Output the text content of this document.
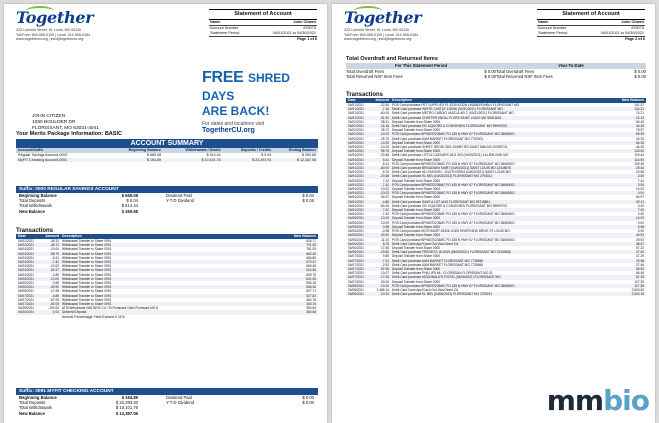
Together
423 Lucerne Street, St. Louis, MO 63116
Toll Free: 800-555-0100 | Local: 314-555-0184
www.togethercu.org | info@togethercu.org
Statement of Account
Name	John Citizen
Account Number	876075
Statement Period	04/01/2021 to 04/30/2021
Page 1 of 6
FREE SHRED DAYS
ARE BACK!
For dates and locations visit
TogetherCU.org
JOHN CITIZEN
1080 BOULDER DR
FLORISSANT, MO 63031-4041
Your Merits Package Information: BASIC
ACCOUNT SUMMARY
Account/Suffix	Beginning Balance	Withdrawals / Debits	Deposits / Credits	Ending Balance
Regular Savings Account-0000	$ 665.08	$ 514.44	$ 0.04	$ 350.68
MyFIT Checking Account-0091	$ 164.89	$ 10,101.76	$ 22,293.93	$ 12,387.06
Suffix: 0000 REGULAR SAVINGS ACCOUNT
Beginning Balance	$ 665.08	Dividend Paid	$ 0.04
Total Deposits	$ 0.04	Y-T-D Dividend	$ 0.06
Total Withdrawals	$ 514.44
New Balance	$ 350.68
Transactions
Date	Amount Description	New Balance
04/02/2021	-38.31 Withdrawal Transfer to Share 0091	626.77
04/02/2021	-35.72 Withdrawal Transfer to Share 0091	791.05
04/04/2021	-10.00 Withdrawal Transfer to Share 0091	781.05
04/04/2021	-98.75 Withdrawal Transfer to Share 0091	682.30
04/04/2021	-5.41 Withdrawal Transfer to Share 0091	686.89
04/04/2021	-7.42 Withdrawal Transfer to Share 0091	679.47
04/04/2021	-10.02 Withdrawal Transfer to Share 0091	669.45
04/04/2021	-54.97 Withdrawal Transfer to Share 0091	614.56
04/04/2021	-4.80 Withdrawal Transfer to Share 0091	609.76
04/05/2021	-10.00 Withdrawal Transfer to Share 0091	601.05
04/05/2021	-0.96 Withdrawal Transfer to Share 0091	596.18
04/06/2021	-40.92 Withdrawal Transfer to Share 0091	556.26
04/06/2021	-17.65 Withdrawal Transfer to Share 0091	527.71
04/07/2021	-0.89 Withdrawal Transfer to Share 0091	527.82
04/07/2021	-67.06 Withdrawal Transfer to Share 0091	460.76
04/07/2021	-60.00 Withdrawal Transfer to Share 0091	400.76
04/28/2021	-100.00 ATM Withdrawal VANTAGE CU 7th Florissant Oaks Florissant MO 8	350.64
04/30/2021	0.04 Dividend Deposit	350.68
Annual Percentage Yield Earned 0.11%
Suffix: 0091 MYFIT CHECKING ACCOUNT
Beginning Balance	$ 164.89	Dividend Paid	$ 0.00
Total Deposits	$ 22,293.93	Y-T-D Dividend	$ 0.00
Total Withdrawals	$ 10,101.76
New Balance	$ 12,387.06
Together
423 Lucerne Street, St. Louis, MO 63116
Toll Free: 800-555-0100 | Local: 314-555-0184
www.togethercu.org | info@togethercu.org
Statement of Account
Name	John Citizen
Account Number	876075
Statement Period	04/01/2021 to 04/30/2021
Page 2 of 6
Total Overdraft and Returned Items
For This Statement Period	Year-To-Date
Total Overdraft Fees	$ 0.00 Total Overdraft Fees	$ 0.00
Total Returned NSF Item Fees	$ 0.00 Total Returned NSF Item Fees	$ 0.00
Transactions
Date	Amount Description	New Balance
04/01/2021	-22.84 POS Card purchase PET SUPPLIES PL 8230 8232N LINDBERGHBLV FLORISSANT MO	141.37
04/01/2021	-7.16 Debit Card purchase WHITE CASTLE 110036 (03/31/2021) FLORISSANT MO	134.21
04/01/2021	-60.00 Debit Card purchase METRO CARDIO VASCULAR C (03/31/2021) FLORISSANT MO	74.21
04/02/2021	-51.92 Debit Card purchase CHATTER KNOLL FLORS SAINT LOUIS MO 95201601	22.12
04/02/2021	38.31 Deposit Transfer from Share 0000	60.43
04/02/2021	-16.18 Debit Card purchase DG LIQUORS & CONVENIEN FLORISSANT MO 99993703	44.25
04/02/2021	35.72 Deposit Transfer from Share 0000	79.97
04/02/2021	-10.02 POS Card purchase BPH8370236MC PO 425 N HWY 67 FLORISSANT MO 36660001	69.95
04/02/2021	-25.70 Debit Card purchase A&M MARKET FLORISSANT MO 7700001	44.25
04/02/2021	10.00 Deposit Transfer from Share 0000	54.25
04/04/2021	-10.00 Debit Card purchase SHEEY DROW 3161 ASHBY RD SAINT ANN MO 00093741	44.25
04/04/2021	98.75 Deposit Transfer from Share 0000	143.00
04/04/2021	-23.56 Debit Card purchase LITTLE CAESARS 1611 300 (04/03/2021) 314-809-0000 MO	119.44
04/04/2021	5.41 Deposit Transfer from Share 0000	114.90
04/04/2021	-5.41 POS Card purchase BPH8370236MC PO 425 N HWY 67 FLORISSANT MO 36660001	109.49
04/04/2021	-80.00 Debit Card purchase BROADWAY MART (04/03/2021) SAINT LOUIS MO 12345678	29.44
04/04/2021	-8.76 Debit Card purchase NU FASHION - SOUTH BRDA (04/03/2021) SAINT LOUIS MO	20.68
04/04/2021	-20.68 Debit Card purchase EL MEL (04/02/2021) FLORISSANT MO 2793011	0.00
04/04/2021	7.42 Deposit Transfer from Share 0000	7.42
04/04/2021	-7.42 POS Card purchase BPH8370236MC PO 425 N HWY 67 FLORISSANT MO 36660001	0.00
04/04/2021	10.02 Deposit Transfer from Share 0000	10.02
04/04/2021	-10.02 POS Card purchase BPH8370236MC PO 425 N HWY 67 FLORISSANT MO 36660001	0.00
04/04/2021	54.97 Deposit Transfer from Share 0000	54.97
04/04/2021	-4.86 Debit Card purchase SAVE A LOT #419 FLORISSANT MO 95718861	50.11
04/04/2021	-50.16 Debit Card purchase DG LIQUORS & CONVENIEN FLORISSANT MO 99993703	0.00
04/04/2021	7.42 Deposit Transfer from Share 0000	7.42
04/04/2021	-7.42 POS Card purchase BPH8370236MC PO 425 N HWY 67 FLORISSANT MO 36660001	0.00
04/05/2021	10.00 Deposit Transfer from Share 0000	10.00
04/05/2021	-10.00 POS Card purchase BPH8370236MC PO 425 N HWY 67 FLORISSANT MO 36660001	0.00
04/05/2021	0.98 Deposit Transfer from Share 0000	0.98
04/05/2021	-0.98 POS Card purchase MOTOMART #3306 11005 RIVERVIEW DRIVE ST LOUIS MO	0.00
04/06/2021	40.92 Deposit Transfer from Share 0000	40.92
04/06/2021	-11.00 POS Card purchase BPH8370236MC PO 425 N HWY 67 FLORISSANT MO 36660001	29.92
04/06/2021	8.75 Debit Card Cash App*Cash Out Visa Direct CA	38.67
04/06/2021	17.65 Deposit Transfer from Share 0000	57.22
04/06/2021	-29.82 Debit Card purchase FREDDYS 16-0019 (04/05/2021) FLORISSANT MO 31252636	27.40
04/07/2021	9.89 Deposit Transfer from Share 0000	37.29
04/07/2021	-7.31 Debit Card purchase A&M MARKET FLORISSANT MO 7735560	29.98
04/07/2021	-2.52 Debit Card purchase A&M MARKET FLORISSANT MO 7735560	27.46
04/07/2021	67.06 Deposit Transfer from Share 0000	94.52
04/07/2021	-10.07 Debit Card purchase PHILLIPS 66 - FLORISSAN FLORISSANT MO 31	84.45
04/07/2021	-17.06 Debit Card purchase MCDONALD'S F32731 (04/06/2021) FLORISSANT MO	67.39
04/07/2021	60.00 Deposit Transfer from Share 0000	127.39
04/08/2021	-10.00 POS Card purchase BPH8370236MC PO 425 N HWY 67 FLORISSANT MO 36660001	117.39
04/08/2021	2,486.14 Debit Card Cash App*Cash Out Visa Direct CA	2,603.53
04/08/2021	-10.34 Debit Card purchase EL MEL (04/06/2021) FLORISSANT MO 2793011	2,543.19
mmbio
